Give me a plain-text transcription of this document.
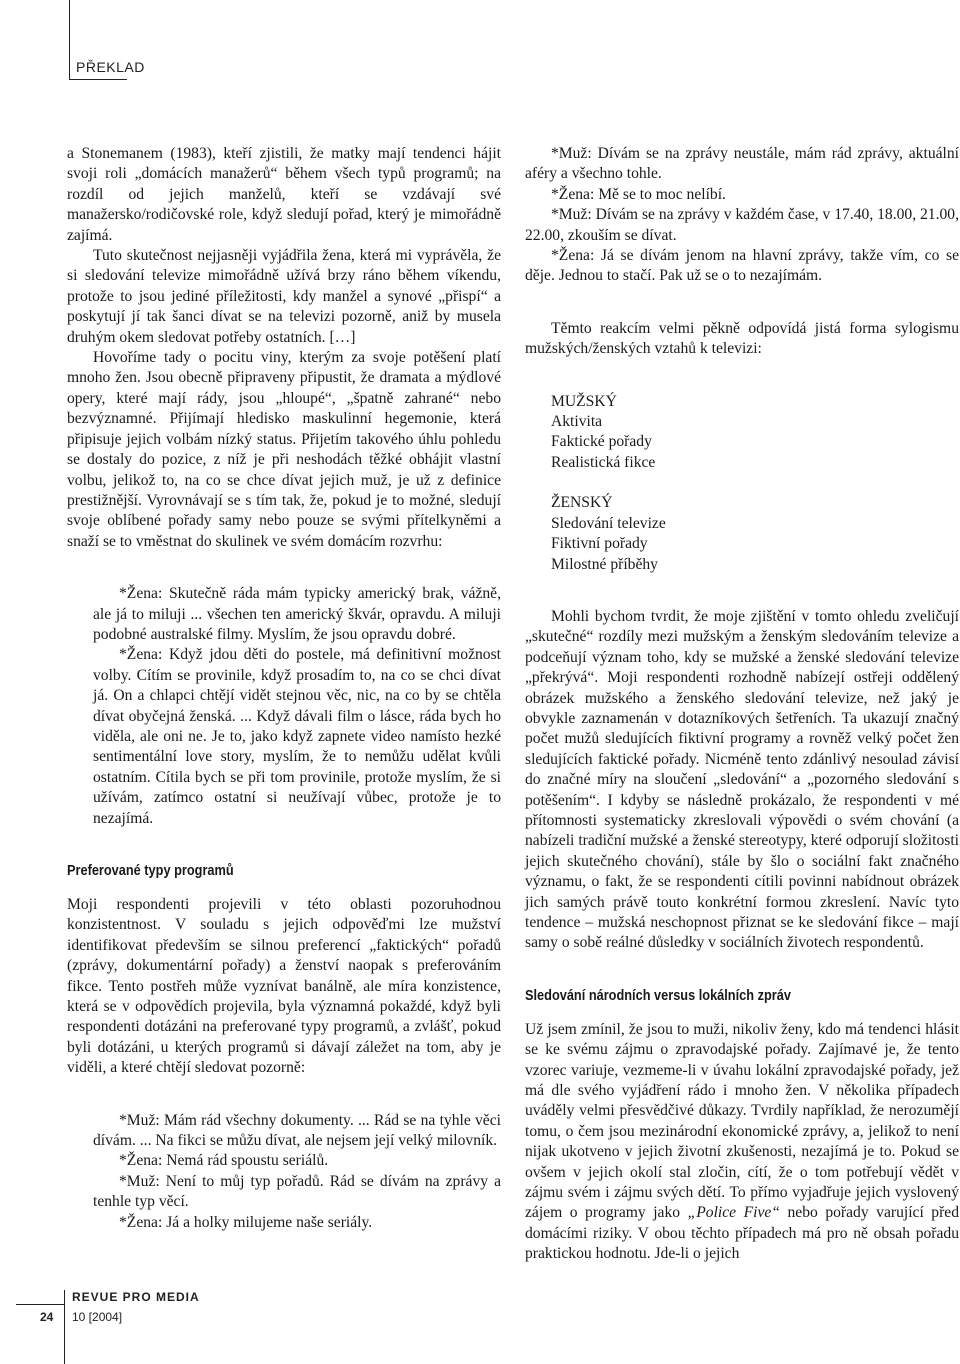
PŘEKLAD

a Stonemanem (1983), kteří zjistili, že matky mají tendenci hájit svoji roli „domácích manažerů“ během všech typů programů; na rozdíl od jejich manželů, kteří se vzdávají své manažersko/rodičovské role, když sledují pořad, který je mimořádně zajímá.

Tuto skutečnost nejjasněji vyjádřila žena, která mi vyprávěla, že si sledování televize mimořádně užívá brzy ráno během víkendu, protože to jsou jediné příležitosti, kdy manžel a synové „přispí“ a poskytují jí tak šanci dívat se na televizi pozorně, aniž by musela druhým okem sledovat potřeby ostatních. […]

Hovoříme tady o pocitu viny, kterým za svoje potěšení platí mnoho žen. Jsou obecně připraveny připustit, že dramata a mýdlové opery, které mají rády, jsou „hloupé“, „špatně zahrané“ nebo bezvýznamné. Přijímají hledisko maskulinní hegemonie, která připisuje jejich volbám nízký status. Přijetím takového úhlu pohledu se dostaly do pozice, z níž je při neshodách těžké obhájit vlastní volbu, jelikož to, na co se chce dívat jejich muž, je už z definice prestižnější. Vyrovnávají se s tím tak, že, pokud je to možné, sledují svoje oblíbené pořady samy nebo pouze se svými přítelkyněmi a snaží se to vměstnat do skulinek ve svém domácím rozvrhu:

*Žena: Skutečně ráda mám typicky americký brak, vážně, ale já to miluji ... všechen ten americký škvár, opravdu. A miluji podobné australské filmy. Myslím, že jsou opravdu dobré.

*Žena: Když jdou děti do postele, má definitivní možnost volby. Cítím se provinile, když prosadím to, na co se chci dívat já. On a chlapci chtějí vidět stejnou věc, nic, na co by se chtěla dívat obyčejná ženská. ... Když dávali film o lásce, ráda bych ho viděla, ale oni ne. Je to, jako když zapnete video namísto hezké sentimentální love story, myslím, že to nemůžu udělat kvůli ostatním. Cítila bych se při tom provinile, protože myslím, že si užívám, zatímco ostatní si neužívají vůbec, protože je to nezajímá.

Preferované typy programů

Moji respondenti projevili v této oblasti pozoruhodnou konzistentnost. V souladu s jejich odpověďmi lze mužství identifikovat především se silnou preferencí „faktických“ pořadů (zprávy, dokumentární pořady) a ženství naopak s preferováním fikce. Tento postřeh může vyznívat banálně, ale míra konzistence, která se v odpovědích projevila, byla významná pokaždé, když byli respondenti dotázáni na preferované typy programů, a zvlášť, pokud byli dotázáni, u kterých programů si dávají záležet na tom, aby je viděli, a které chtějí sledovat pozorně:

*Muž: Mám rád všechny dokumenty. ... Rád se na tyhle věci dívám. ... Na fikci se můžu dívat, ale nejsem její velký milovník.

*Žena: Nemá rád spoustu seriálů.

*Muž: Není to můj typ pořadů. Rád se dívám na zprávy a tenhle typ věcí.

*Žena: Já a holky milujeme naše seriály.

*Muž: Dívám se na zprávy neustále, mám rád zprávy, aktuální aféry a všechno tohle.

*Žena: Mě se to moc nelíbí.

*Muž: Dívám se na zprávy v každém čase, v 17.40, 18.00, 21.00, 22.00, zkouším se dívat.

*Žena: Já se dívám jenom na hlavní zprávy, takže vím, co se děje. Jednou to stačí. Pak už se o to nezajímám.

Těmto reakcím velmi pěkně odpovídá jistá forma sylogismu mužských/ženských vztahů k televizi:

MUŽSKÝ
Aktivita
Faktické pořady
Realistická fikce
ŽENSKÝ
Sledování televize
Fiktivní pořady
Milostné příběhy

Mohli bychom tvrdit, že moje zjištění v tomto ohledu zveličují „skutečné“ rozdíly mezi mužským a ženským sledováním televize a podceňují význam toho, kdy se mužské a ženské sledování televize „překrývá“. Moji respondenti rozhodně nabízejí ostřeji oddělený obrázek mužského a ženského sledování televize, než jaký je obvykle zaznamenán v dotazníkových šetřeních. Ta ukazují značný počet mužů sledujících fiktivní programy a rovněž velký počet žen sledujících faktické pořady. Nicméně tento zdánlivý nesoulad závisí do značné míry na sloučení „sledování“ a „pozorného sledování s potěšením“. I kdyby se následně prokázalo, že respondenti v mé přítomnosti systematicky zkreslovali výpovědi o svém chování (a nabízeli tradiční mužské a ženské stereotypy, které odporují složitosti jejich skutečného chování), stále by šlo o sociální fakt značného významu, o fakt, že se respondenti cítili povinni nabídnout obrázek jich samých právě touto konkrétní formou zkreslení. Navíc tyto tendence – mužská neschopnost přiznat se ke sledování fikce – mají samy o sobě reálné důsledky v sociálních životech respondentů.

Sledování národních versus lokálních zpráv

Už jsem zmínil, že jsou to muži, nikoliv ženy, kdo má tendenci hlásit se ke svému zájmu o zpravodajské pořady. Zajímavé je, že tento vzorec variuje, vezmeme-li v úvahu lokální zpravodajské pořady, jež má dle svého vyjádření rádo i mnoho žen. V několika případech uváděly velmi přesvědčivé důkazy. Tvrdily například, že nerozumějí tomu, o čem jsou mezinárodní ekonomické zprávy, a, jelikož to není nijak ukotveno v jejich životní zkušenosti, nezajímá je to. Pokud se ovšem v jejich okolí stal zločin, cítí, že o tom potřebují vědět v zájmu svém i zájmu svých dětí. To přímo vyjadřuje jejich vyslovený zájem o programy jako „Police Five“ nebo pořady varující před domácími riziky. V obou těchto případech má pro ně obsah pořadu praktickou hodnotu. Jde-li o jejich

REVUE PRO MEDIA
10 [2004]
24
